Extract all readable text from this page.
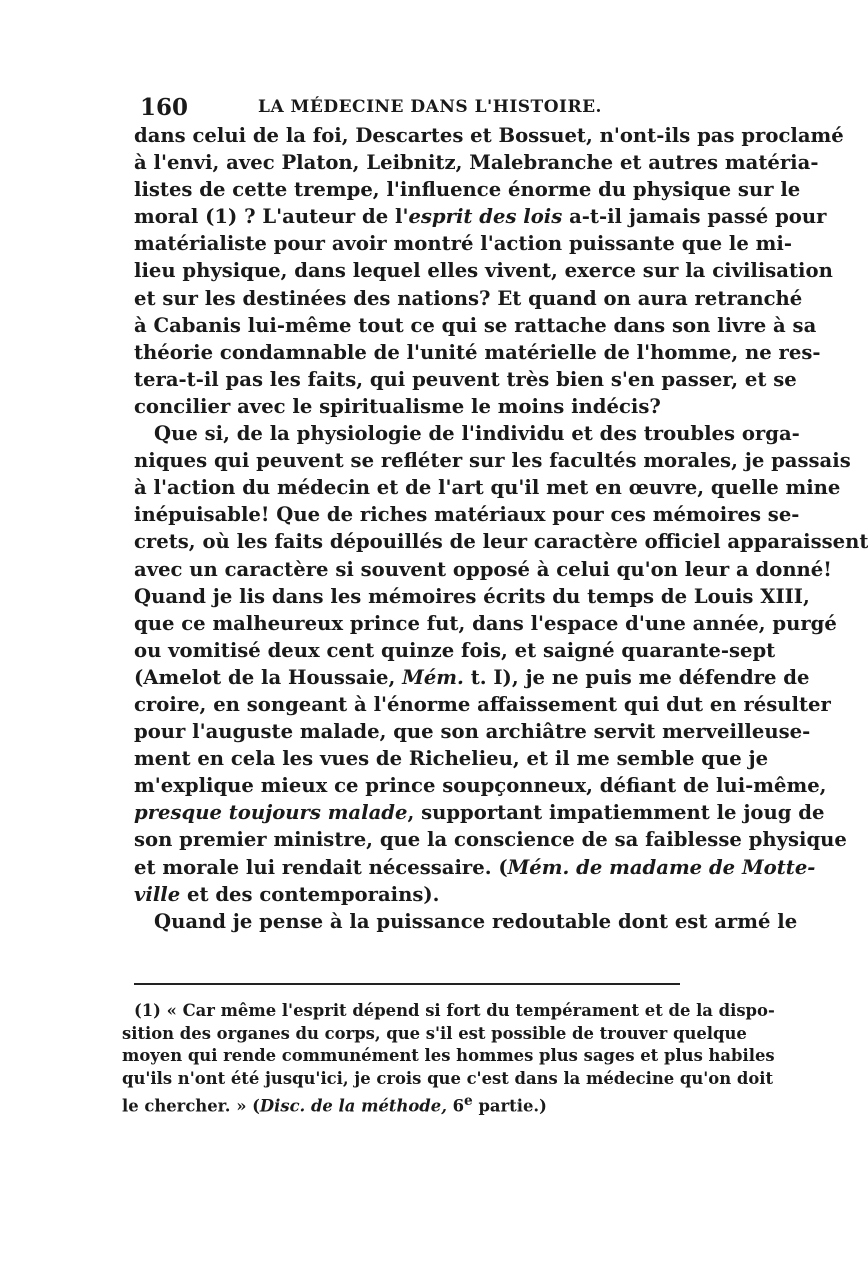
160	LA MÉDECINE DANS L'HISTOIRE.
dans celui de la foi, Descartes et Bossuet, n'ont-ils pas proclamé
à l'envi, avec Platon, Leibnitz, Malebranche et autres matéria-
listes de cette trempe, l'influence énorme du physique sur le
moral (1) ? L'auteur de l'esprit des lois a-t-il jamais passé pour
matérialiste pour avoir montré l'action puissante que le mi-
lieu physique, dans lequel elles vivent, exerce sur la civilisation
et sur les destinées des nations? Et quand on aura retranché
à Cabanis lui-même tout ce qui se rattache dans son livre à sa
théorie condamnable de l'unité matérielle de l'homme, ne res-
tera-t-il pas les faits, qui peuvent très bien s'en passer, et se
concilier avec le spiritualisme le moins indécis?
Que si, de la physiologie de l'individu et des troubles orga-
niques qui peuvent se refléter sur les facultés morales, je passais
à l'action du médecin et de l'art qu'il met en œuvre, quelle mine
inépuisable! Que de riches matériaux pour ces mémoires se-
crets, où les faits dépouillés de leur caractère officiel apparaissent
avec un caractère si souvent opposé à celui qu'on leur a donné!
Quand je lis dans les mémoires écrits du temps de Louis XIII,
que ce malheureux prince fut, dans l'espace d'une année, purgé
ou vomitisé deux cent quinze fois, et saigné quarante-sept
(Amelot de la Houssaie, Mém. t. I), je ne puis me défendre de
croire, en songeant à l'énorme affaissement qui dut en résulter
pour l'auguste malade, que son archiâtre servit merveilleuse-
ment en cela les vues de Richelieu, et il me semble que je
m'explique mieux ce prince soupçonneux, défiant de lui-même,
presque toujours malade, supportant impatiemment le joug de
son premier ministre, que la conscience de sa faiblesse physique
et morale lui rendait nécessaire. (Mém. de madame de Motte-
ville et des contemporains).
Quand je pense à la puissance redoutable dont est armé le
(1) « Car même l'esprit dépend si fort du tempérament et de la dispo-
sition des organes du corps, que s'il est possible de trouver quelque
moyen qui rende communément les hommes plus sages et plus habiles
qu'ils n'ont été jusqu'ici, je crois que c'est dans la médecine qu'on doit
le chercher. » (Disc. de la méthode, 6e partie.)
